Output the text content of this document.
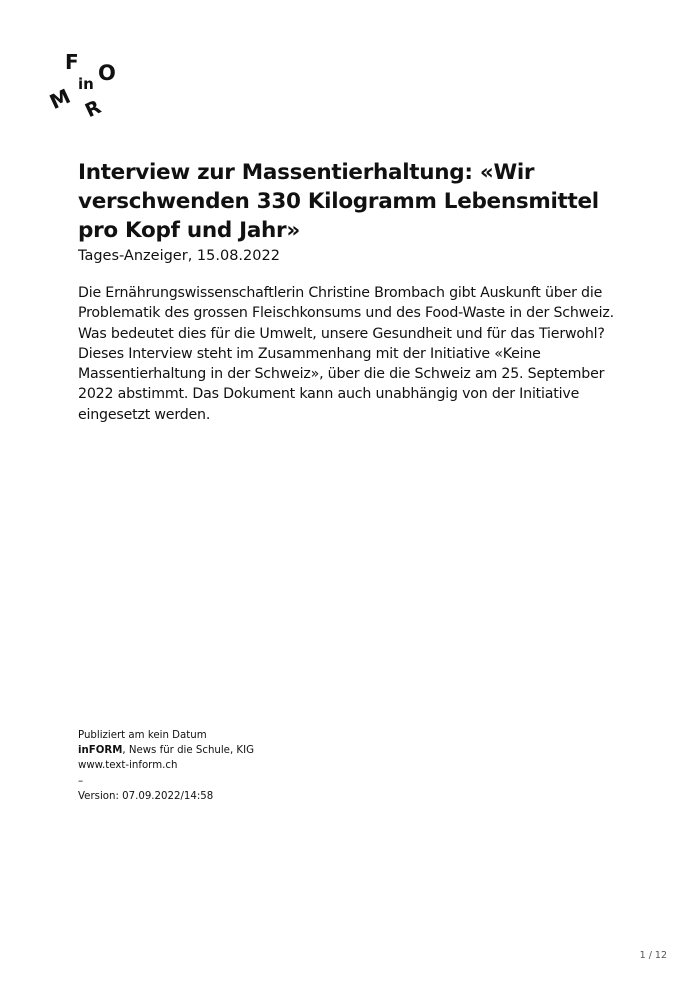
F
in O
M R
Interview zur Massentierhaltung: «Wir verschwenden 330 Kilogramm Lebensmittel pro Kopf und Jahr»

Tages-Anzeiger, 15.08.2022

Die Ernährungswissenschaftlerin Christine Brombach gibt Auskunft über die Problematik des grossen Fleischkonsums und des Food-Waste in der Schweiz. Was bedeutet dies für die Umwelt, unsere Gesundheit und für das Tierwohl? Dieses Interview steht im Zusammenhang mit der Initiative «Keine Massentierhaltung in der Schweiz», über die die Schweiz am 25. September 2022 abstimmt. Das Dokument kann auch unabhängig von der Initiative eingesetzt werden.

Publiziert am kein Datum
inFORM, News für die Schule, KIG
www.text-inform.ch
–
Version: 07.09.2022/14:58
1 / 12
